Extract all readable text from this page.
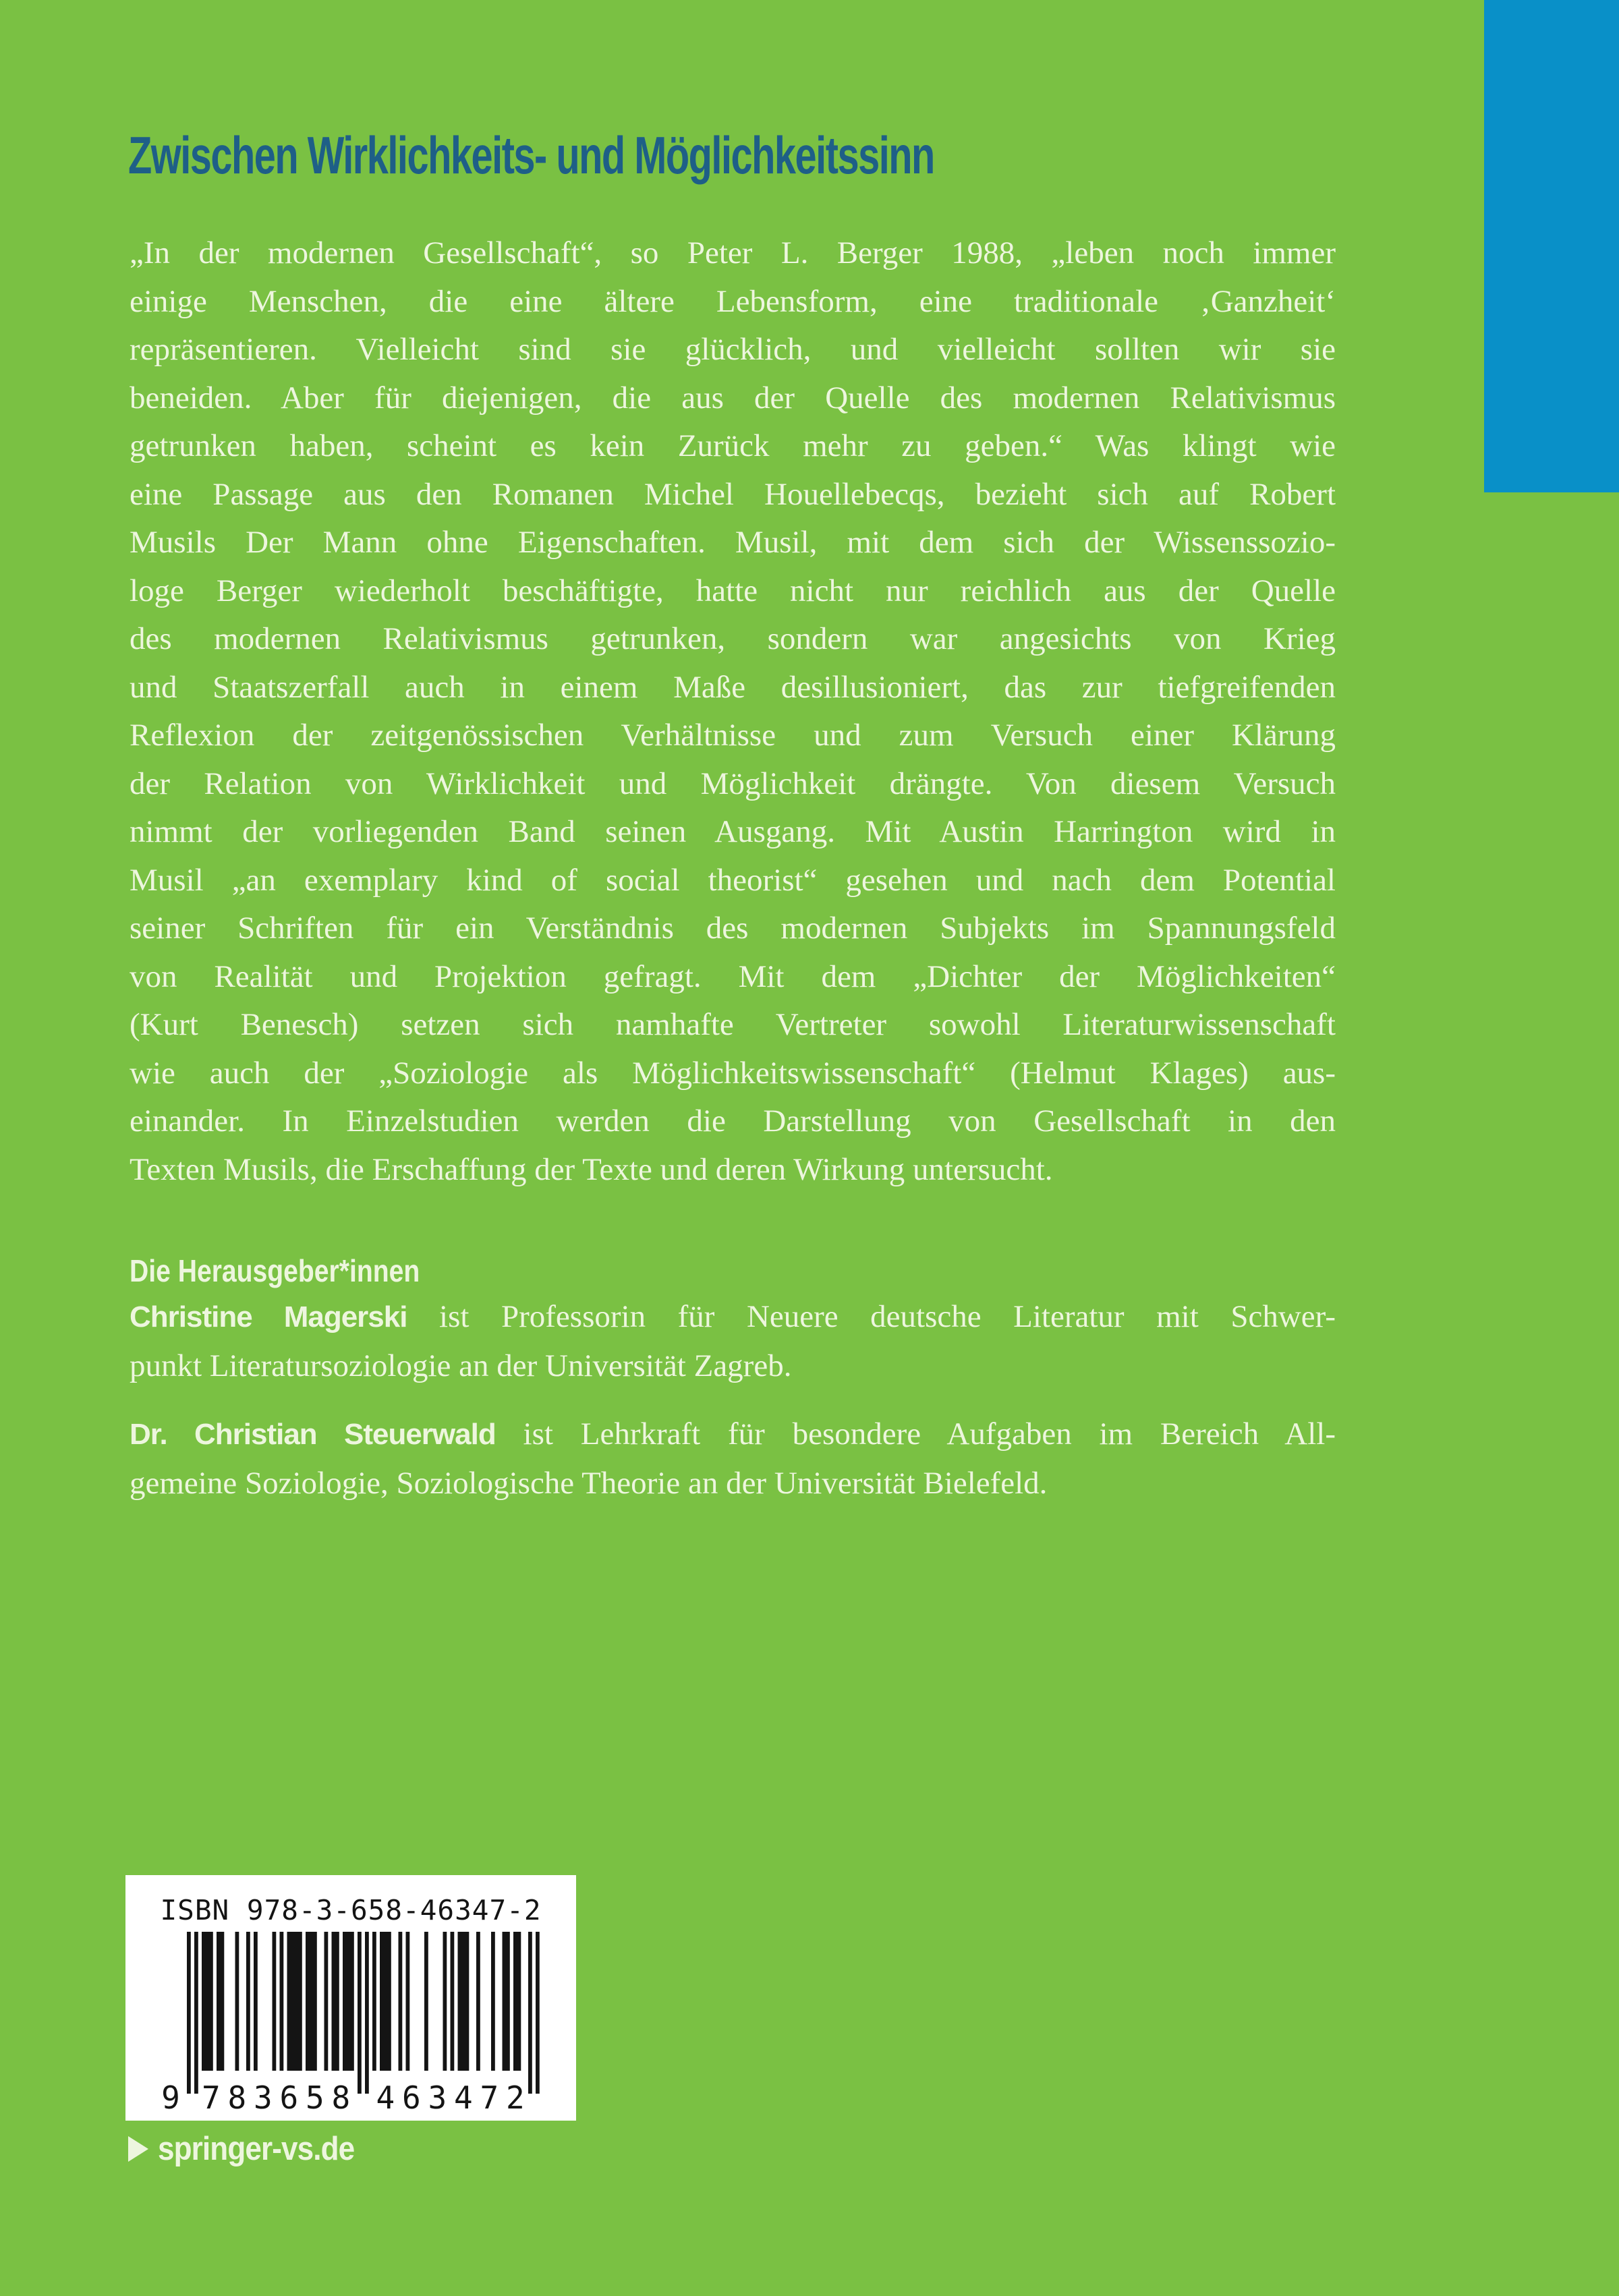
Zwischen Wirklichkeits- und Möglichkeitssinn
„In der modernen Gesellschaft“, so Peter L. Berger 1988, „leben noch immer
einige Menschen, die eine ältere Lebensform, eine traditionale ‚Ganzheit‘
repräsentieren. Vielleicht sind sie glücklich, und vielleicht sollten wir sie
beneiden. Aber für diejenigen, die aus der Quelle des modernen Relativismus
getrunken haben, scheint es kein Zurück mehr zu geben.“ Was klingt wie
eine Passage aus den Romanen Michel Houellebecqs, bezieht sich auf Robert
Musils Der Mann ohne Eigenschaften. Musil, mit dem sich der Wissenssozio-
loge Berger wiederholt beschäftigte, hatte nicht nur reichlich aus der Quelle
des modernen Relativismus getrunken, sondern war angesichts von Krieg
und Staatszerfall auch in einem Maße desillusioniert, das zur tiefgreifenden
Reflexion der zeitgenössischen Verhältnisse und zum Versuch einer Klärung
der Relation von Wirklichkeit und Möglichkeit drängte. Von diesem Versuch
nimmt der vorliegenden Band seinen Ausgang. Mit Austin Harrington wird in
Musil „an exemplary kind of social theorist“ gesehen und nach dem Potential
seiner Schriften für ein Verständnis des modernen Subjekts im Spannungsfeld
von Realität und Projektion gefragt. Mit dem „Dichter der Möglichkeiten“
(Kurt Benesch) setzen sich namhafte Vertreter sowohl Literaturwissenschaft
wie auch der „Soziologie als Möglichkeitswissenschaft“ (Helmut Klages) aus-
einander. In Einzelstudien werden die Darstellung von Gesellschaft in den
Texten Musils, die Erschaffung der Texte und deren Wirkung untersucht.
Die Herausgeber*innen

Christine Magerski ist Professorin für Neuere deutsche Literatur mit Schwer-
punkt Literatursoziologie an der Universität Zagreb.

Dr. Christian Steuerwald ist Lehrkraft für besondere Aufgaben im Bereich All-
gemeine Soziologie, Soziologische Theorie an der Universität Bielefeld.

ISBN 978-3-658-46347-2
9 7 8 3 6 5 8 4 6 3 4 7 2
springer-vs.de
